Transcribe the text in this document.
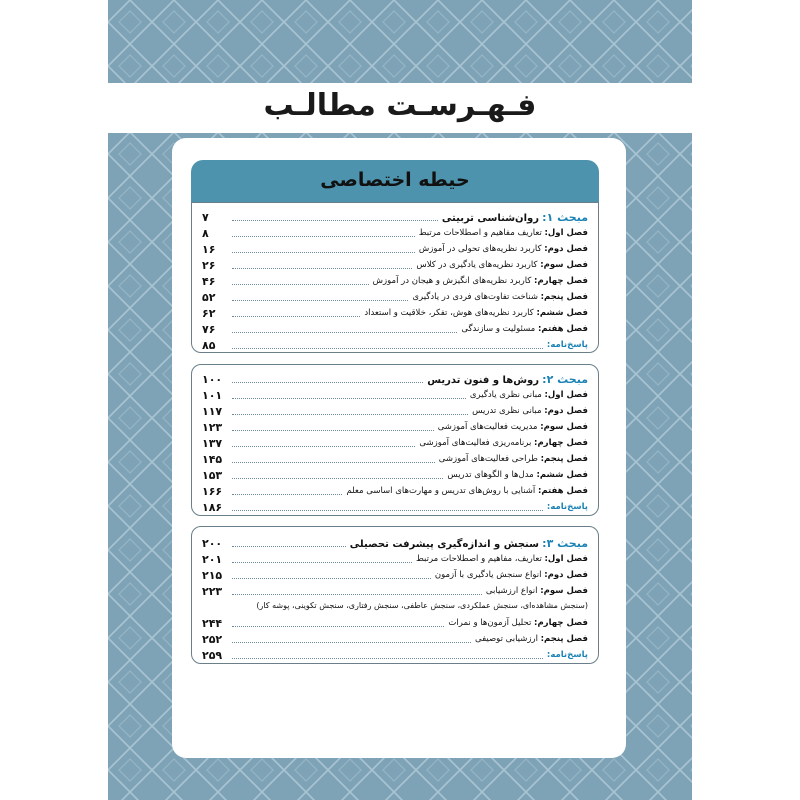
فـهـرسـت مطالـب
حیطه اختصاصی
مبحث ۱: روان‌شناسی تربیتی
۷
فصل اول: تعاریف مفاهیم و اصطلاحات مرتبط
۸
فصل دوم: کاربرد نظریه‌های تحولی در آموزش
۱۶
فصل سوم: کاربرد نظریه‌های یادگیری در کلاس
۲۶
فصل چهارم: کاربرد نظریه‌های انگیزش و هیجان در آموزش
۴۶
فصل پنجم: شناخت تفاوت‌های فردی در یادگیری
۵۲
فصل ششم: کاربرد نظریه‌های هوش، تفکر، خلاقیت و استعداد
۶۲
فصل هفتم: مسئولیت و سازندگی
۷۶
پاسخ‌نامه:
۸۵
مبحث ۲: روش‌ها و فنون تدریس
۱۰۰
فصل اول: مبانی نظری یادگیری
۱۰۱
فصل دوم: مبانی نظری تدریس
۱۱۷
فصل سوم: مدیریت فعالیت‌های آموزشی
۱۲۳
فصل چهارم: برنامه‌ریزی فعالیت‌های آموزشی
۱۳۷
فصل پنجم: طراحی فعالیت‌های آموزشی
۱۴۵
فصل ششم: مدل‌ها و الگوهای تدریس
۱۵۳
فصل هفتم: آشنایی با روش‌های تدریس و مهارت‌های اساسی معلم
۱۶۶
پاسخ‌نامه:
۱۸۶
مبحث ۳: سنجش و اندازه‌گیری پیشرفت تحصیلی
۲۰۰
فصل اول: تعاریف، مفاهیم و اصطلاحات مرتبط
۲۰۱
فصل دوم: انواع سنجش یادگیری با آزمون
۲۱۵
فصل سوم: انواع ارزشیابی
۲۲۳
(سنجش مشاهده‌ای، سنجش عملکردی، سنجش عاطفی، سنجش رفتاری، سنجش تکوینی، پوشه کار)
فصل چهارم: تحلیل آزمون‌ها و نمرات
۲۴۴
فصل پنجم: ارزشیابی توصیفی
۲۵۲
پاسخ‌نامه:
۲۵۹
